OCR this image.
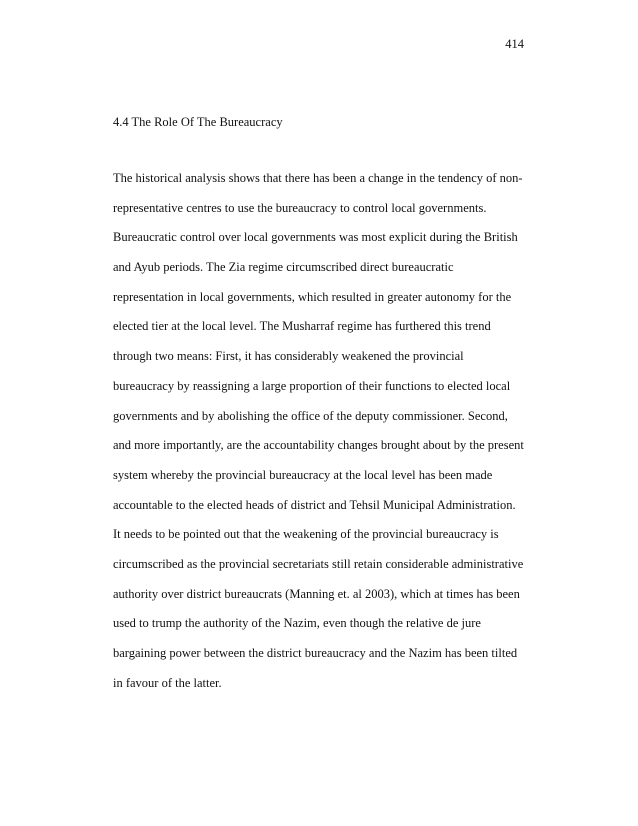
414
4.4 The Role Of The Bureaucracy
The historical analysis shows that there has been a change in the tendency of non-
representative centres to use the bureaucracy to control local governments.
Bureaucratic control over local governments was most explicit during the British
and Ayub periods. The Zia regime circumscribed direct bureaucratic
representation in local governments, which resulted in greater autonomy for the
elected tier at the local level. The Musharraf regime has furthered this trend
through two means: First, it has considerably weakened the provincial
bureaucracy by reassigning a large proportion of their functions to elected local
governments and by abolishing the office of the deputy commissioner. Second,
and more importantly, are the accountability changes brought about by the present
system whereby the provincial bureaucracy at the local level has been made
accountable to the elected heads of district and Tehsil Municipal Administration.
It needs to be pointed out that the weakening of the provincial bureaucracy is
circumscribed as the provincial secretariats still retain considerable administrative
authority over district bureaucrats (Manning et. al 2003), which at times has been
used to trump the authority of the Nazim, even though the relative de jure
bargaining power between the district bureaucracy and the Nazim has been tilted
in favour of the latter.
